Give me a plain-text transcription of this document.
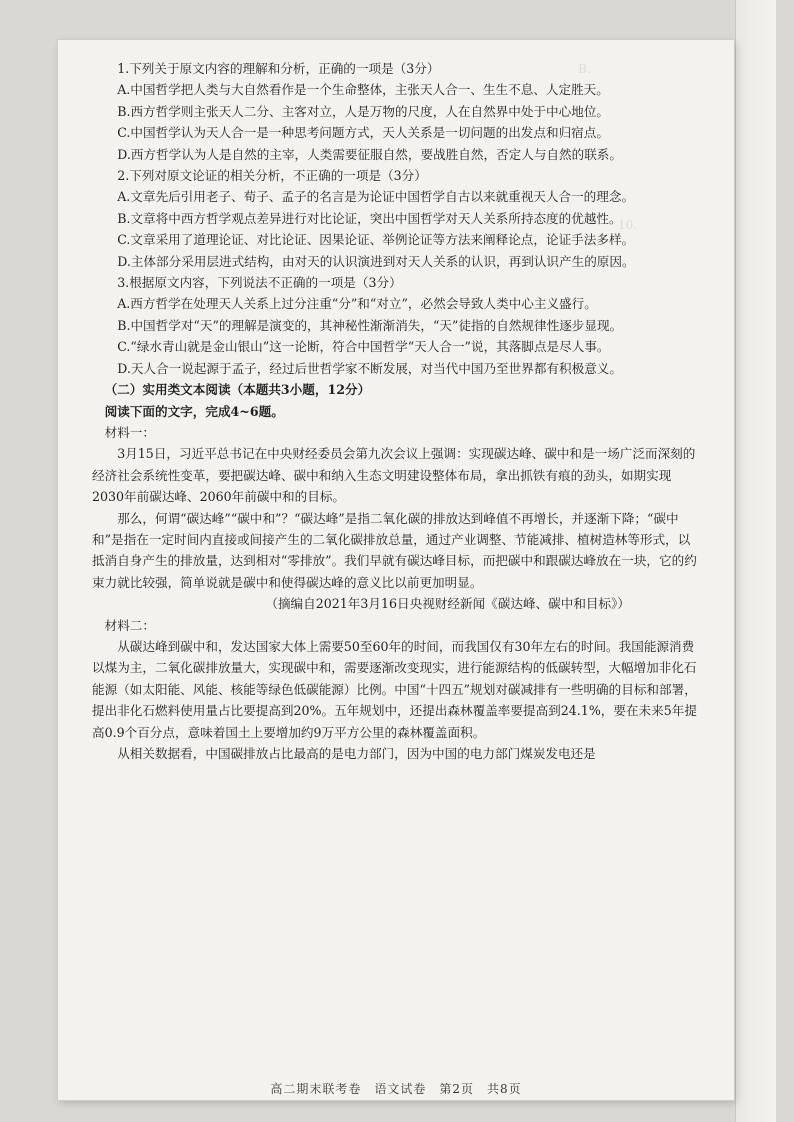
B.
10.

1.下列关于原文内容的理解和分析，正确的一项是（3分）

A.中国哲学把人类与大自然看作是一个生命整体，主张天人合一、生生不息、人定胜天。

B.西方哲学则主张天人二分、主客对立，人是万物的尺度，人在自然界中处于中心地位。

C.中国哲学认为天人合一是一种思考问题方式，天人关系是一切问题的出发点和归宿点。

D.西方哲学认为人是自然的主宰，人类需要征服自然，要战胜自然，否定人与自然的联系。

2.下列对原文论证的相关分析，不正确的一项是（3分）

A.文章先后引用老子、荀子、孟子的名言是为论证中国哲学自古以来就重视天人合一的理念。

B.文章将中西方哲学观点差异进行对比论证，突出中国哲学对天人关系所持态度的优越性。

C.文章采用了道理论证、对比论证、因果论证、举例论证等方法来阐释论点，论证手法多样。

D.主体部分采用层进式结构，由对天的认识演进到对天人关系的认识，再到认识产生的原因。

3.根据原文内容，下列说法不正确的一项是（3分）

A.西方哲学在处理天人关系上过分注重“分”和“对立”，必然会导致人类中心主义盛行。

B.中国哲学对“天”的理解是演变的，其神秘性渐渐消失，“天”徒指的自然规律性逐步显现。

C.“绿水青山就是金山银山”这一论断，符合中国哲学“天人合一”说，其落脚点是尽人事。

D.天人合一说起源于孟子，经过后世哲学家不断发展，对当代中国乃至世界都有积极意义。

（二）实用类文本阅读（本题共3小题，12分）

阅读下面的文字，完成4~6题。

材料一：

3月15日，习近平总书记在中央财经委员会第九次会议上强调：实现碳达峰、碳中和是一场广泛而深刻的经济社会系统性变革，要把碳达峰、碳中和纳入生态文明建设整体布局，拿出抓铁有痕的劲头，如期实现2030年前碳达峰、2060年前碳中和的目标。

那么，何谓“碳达峰”“碳中和”？“碳达峰”是指二氧化碳的排放达到峰值不再增长，并逐渐下降；“碳中和”是指在一定时间内直接或间接产生的二氧化碳排放总量，通过产业调整、节能减排、植树造林等形式，以抵消自身产生的排放量，达到相对“零排放”。我们早就有碳达峰目标，而把碳中和跟碳达峰放在一块，它的约束力就比较强，简单说就是碳中和使得碳达峰的意义比以前更加明显。

（摘编自2021年3月16日央视财经新闻《碳达峰、碳中和目标》）

材料二：

从碳达峰到碳中和，发达国家大体上需要50至60年的时间，而我国仅有30年左右的时间。我国能源消费以煤为主，二氧化碳排放量大，实现碳中和，需要逐渐改变现实，进行能源结构的低碳转型，大幅增加非化石能源（如太阳能、风能、核能等绿色低碳能源）比例。中国“十四五”规划对碳减排有一些明确的目标和部署，提出非化石燃料使用量占比要提高到20%。五年规划中，还提出森林覆盖率要提高到24.1%，要在未来5年提高0.9个百分点，意味着国土上要增加约9万平方公里的森林覆盖面积。

从相关数据看，中国碳排放占比最高的是电力部门，因为中国的电力部门煤炭发电还是

高二期末联考卷　语文试卷　第2页　共8页
